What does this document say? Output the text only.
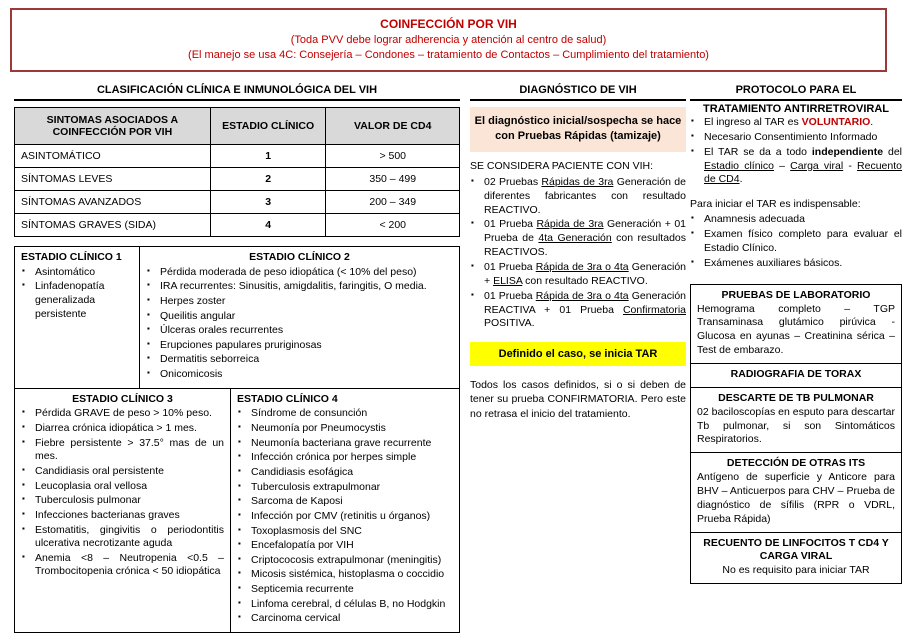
COINFECCIÓN POR VIH
(Toda PVV debe lograr adherencia y atención al centro de salud)
(El manejo se usa 4C: Consejería – Condones – tratamiento de Contactos – Cumplimiento del tratamiento)
CLASIFICACIÓN CLÍNICA E INMUNOLÓGICA DEL VIH
SINTOMAS ASOCIADOS A COINFECCIÓN POR VIH	ESTADIO CLÍNICO	VALOR DE CD4
ASINTOMÁTICO	1	> 500
SÍNTOMAS LEVES	2	350 – 499
SÍNTOMAS AVANZADOS	3	200 – 349
SÍNTOMAS GRAVES (SIDA)	4	< 200
ESTADIO CLÍNICO 1
▪ Asintomático
▪ Linfadenopatía generalizada persistente
ESTADIO CLÍNICO 2
▪ Pérdida moderada de peso idiopática (< 10% del peso)
▪ IRA recurrentes: Sinusitis, amigdalitis, faringitis, O media.
▪ Herpes zoster
▪ Queilitis angular
▪ Úlceras orales recurrentes
▪ Erupciones papulares pruriginosas
▪ Dermatitis seborreica
▪ Onicomicosis
ESTADIO CLÍNICO 3
▪ Pérdida GRAVE de peso > 10% peso.
▪ Diarrea crónica idiopática > 1 mes.
▪ Fiebre persistente > 37.5° mas de un mes.
▪ Candidiasis oral persistente
▪ Leucoplasia oral vellosa
▪ Tuberculosis pulmonar
▪ Infecciones bacterianas graves
▪ Estomatitis, gingivitis o periodontitis ulcerativa necrotizante aguda
▪ Anemia <8 – Neutropenia <0.5 – Trombocitopenia crónica < 50 idiopática
ESTADIO CLÍNICO 4
▪ Síndrome de consunción
▪ Neumonía por Pneumocystis
▪ Neumonía bacteriana grave recurrente
▪ Infección crónica por herpes simple
▪ Candidiasis esofágica
▪ Tuberculosis extrapulmonar
▪ Sarcoma de Kaposi
▪ Infección por CMV (retinitis u órganos)
▪ Toxoplasmosis del SNC
▪ Encefalopatía por VIH
▪ Criptococosis extrapulmonar (meningitis)
▪ Micosis sistémica, histoplasma o coccidio
▪ Septicemia recurrente
▪ Linfoma cerebral, d células B, no Hodgkin
▪ Carcinoma cervical
DIAGNÓSTICO DE VIH
El diagnóstico inicial/sospecha se hace con Pruebas Rápidas (tamizaje)
SE CONSIDERA PACIENTE CON VIH:
▪ 02 Pruebas Rápidas de 3ra Generación de diferentes fabricantes con resultado REACTIVO.
▪ 01 Prueba Rápida de 3ra Generación + 01 Prueba de 4ta Generación con resultados REACTIVOS.
▪ 01 Prueba Rápida de 3ra o 4ta Generación + ELISA con resultado REACTIVO.
▪ 01 Prueba Rápida de 3ra o 4ta Generación REACTIVA + 01 Prueba Confirmatoria POSITIVA.
Definido el caso, se inicia TAR
Todos los casos definidos, si o si deben de tener su prueba CONFIRMATORIA. Pero este no retrasa el inicio del tratamiento.
PROTOCOLO PARA EL
TRATAMIENTO ANTIRRETROVIRAL
▪ El ingreso al TAR es VOLUNTARIO.
▪ Necesario Consentimiento Informado
▪ El TAR se da a todo independiente del Estadio clínico – Carga viral - Recuento de CD4.
Para iniciar el TAR es indispensable:
▪ Anamnesis adecuada
▪ Examen físico completo para evaluar el Estadio Clínico.
▪ Exámenes auxiliares básicos.
PRUEBAS DE LABORATORIO
Hemograma completo – TGP Transaminasa glutámico pirúvica - Glucosa en ayunas – Creatinina sérica – Test de embarazo.
RADIOGRAFIA DE TORAX
DESCARTE DE TB PULMONAR
02 baciloscopías en esputo para descartar Tb pulmonar, si son Sintomáticos Respiratorios.
DETECCIÓN DE OTRAS ITS
Antígeno de superficie y Anticore para BHV – Anticuerpos para CHV – Prueba de diagnóstico de sífilis (RPR o VDRL, Prueba Rápida)
RECUENTO DE LINFOCITOS T CD4 Y CARGA VIRAL
No es requisito para iniciar TAR
